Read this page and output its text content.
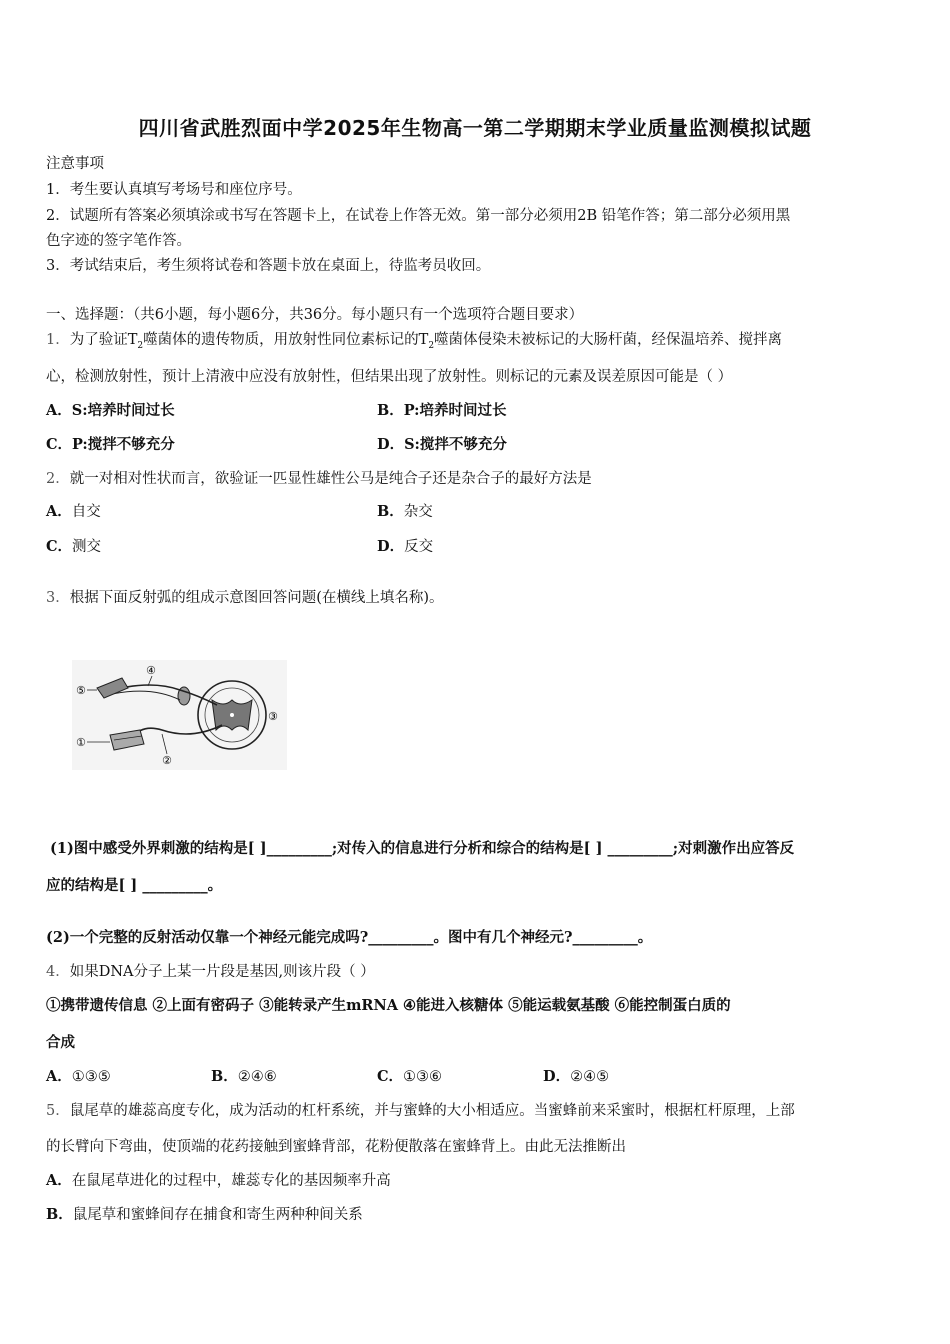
四川省武胜烈面中学2025年生物高一第二学期期末学业质量监测模拟试题
注意事项
1．考生要认真填写考场号和座位序号。
2．试题所有答案必须填涂或书写在答题卡上，在试卷上作答无效。第一部分必须用2B 铅笔作答；第二部分必须用黑
色字迹的签字笔作答。
3．考试结束后，考生须将试卷和答题卡放在桌面上，待监考员收回。
一、选择题：（共6小题，每小题6分，共36分。每小题只有一个选项符合题目要求）
1．为了验证$T_2$噬菌体的遗传物质，用放射性同位素标记的$T_2$噬菌体侵染未被标记的大肠杆菌，经保温培养、搅拌离
心，检测放射性，预计上清液中应没有放射性，但结果出现了放射性。则标记的元素及误差原因可能是（ ）
A．S:培养时间过长	B．P:培养时间过长
C．P:搅拌不够充分	D．S:搅拌不够充分
2．就一对相对性状而言，欲验证一匹显性雄性公马是纯合子还是杂合子的最好方法是
A．自交	B．杂交
C．测交	D．反交
3．根据下面反射弧的组成示意图回答问题(在横线上填名称)。
⑤
④
③
②
①
(1)图中感受外界刺激的结构是[ ]_________;对传入的信息进行分析和综合的结构是[ ] _________;对刺激作出应答反
应的结构是[ ] _________。
(2)一个完整的反射活动仅靠一个神经元能完成吗?_________。图中有几个神经元?_________。
4．如果DNA分子上某一片段是基因,则该片段（ ）
①携带遗传信息 ②上面有密码子 ③能转录产生mRNA ④能进入核糖体 ⑤能运载氨基酸 ⑥能控制蛋白质的
合成
A．①③⑤	B．②④⑥	C．①③⑥	D．②④⑤
5．鼠尾草的雄蕊高度专化，成为活动的杠杆系统，并与蜜蜂的大小相适应。当蜜蜂前来采蜜时，根据杠杆原理，上部
的长臂向下弯曲，使顶端的花药接触到蜜蜂背部，花粉便散落在蜜蜂背上。由此无法推断出
A．在鼠尾草进化的过程中，雄蕊专化的基因频率升高
B．鼠尾草和蜜蜂间存在捕食和寄生两种种间关系
